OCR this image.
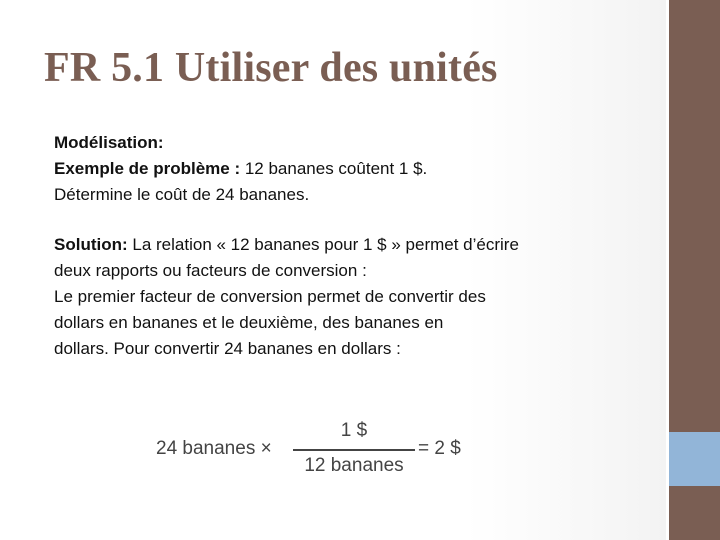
FR 5.1 Utiliser des unités
Modélisation:
Exemple de problème : 12 bananes coûtent 1 $.
Détermine le coût de 24 bananes.
Solution: La relation « 12 bananes pour 1 $ » permet d’écrire
deux rapports ou facteurs de conversion :
Le premier facteur de conversion permet de convertir des
dollars en bananes et le deuxième, des bananes en
dollars. Pour convertir 24 bananes en dollars :
24 bananes ×
1 $
12 bananes
= 2 $
